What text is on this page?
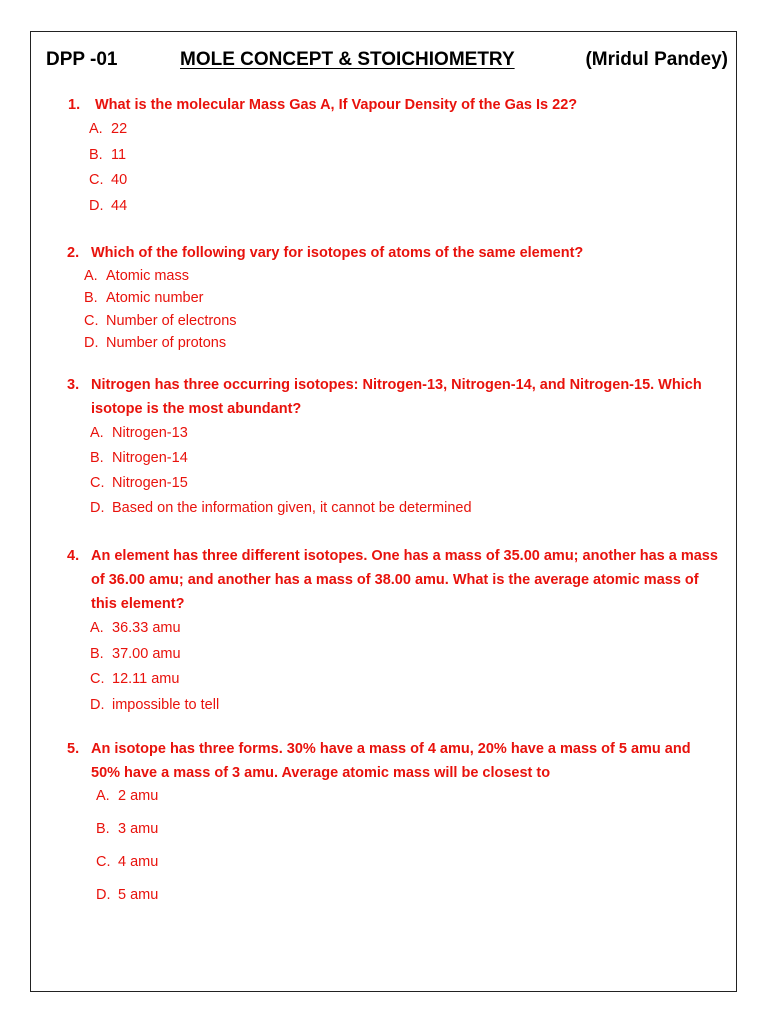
DPP -01	MOLE CONCEPT & STOICHIOMETRY	(Mridul Pandey)
1.	What is the molecular Mass Gas A, If Vapour Density of the Gas Is 22?
A. 22
B. 11
C. 40
D. 44
2. Which of the following vary for isotopes of atoms of the same element?
A. Atomic mass
B. Atomic number
C. Number of electrons
D. Number of protons
3. Nitrogen has three occurring isotopes: Nitrogen-13, Nitrogen-14, and Nitrogen-15. Which isotope is the most abundant?
A. Nitrogen-13
B. Nitrogen-14
C. Nitrogen-15
D. Based on the information given, it cannot be determined
4. An element has three different isotopes. One has a mass of 35.00 amu; another has a mass of 36.00 amu; and another has a mass of 38.00 amu. What is the average atomic mass of this element?
A. 36.33 amu
B. 37.00 amu
C. 12.11 amu
D. impossible to tell
5. An isotope has three forms. 30% have a mass of 4 amu, 20% have a mass of 5 amu and 50% have a mass of 3 amu. Average atomic mass will be closest to
A. 2 amu
B. 3 amu
C. 4 amu
D. 5 amu
